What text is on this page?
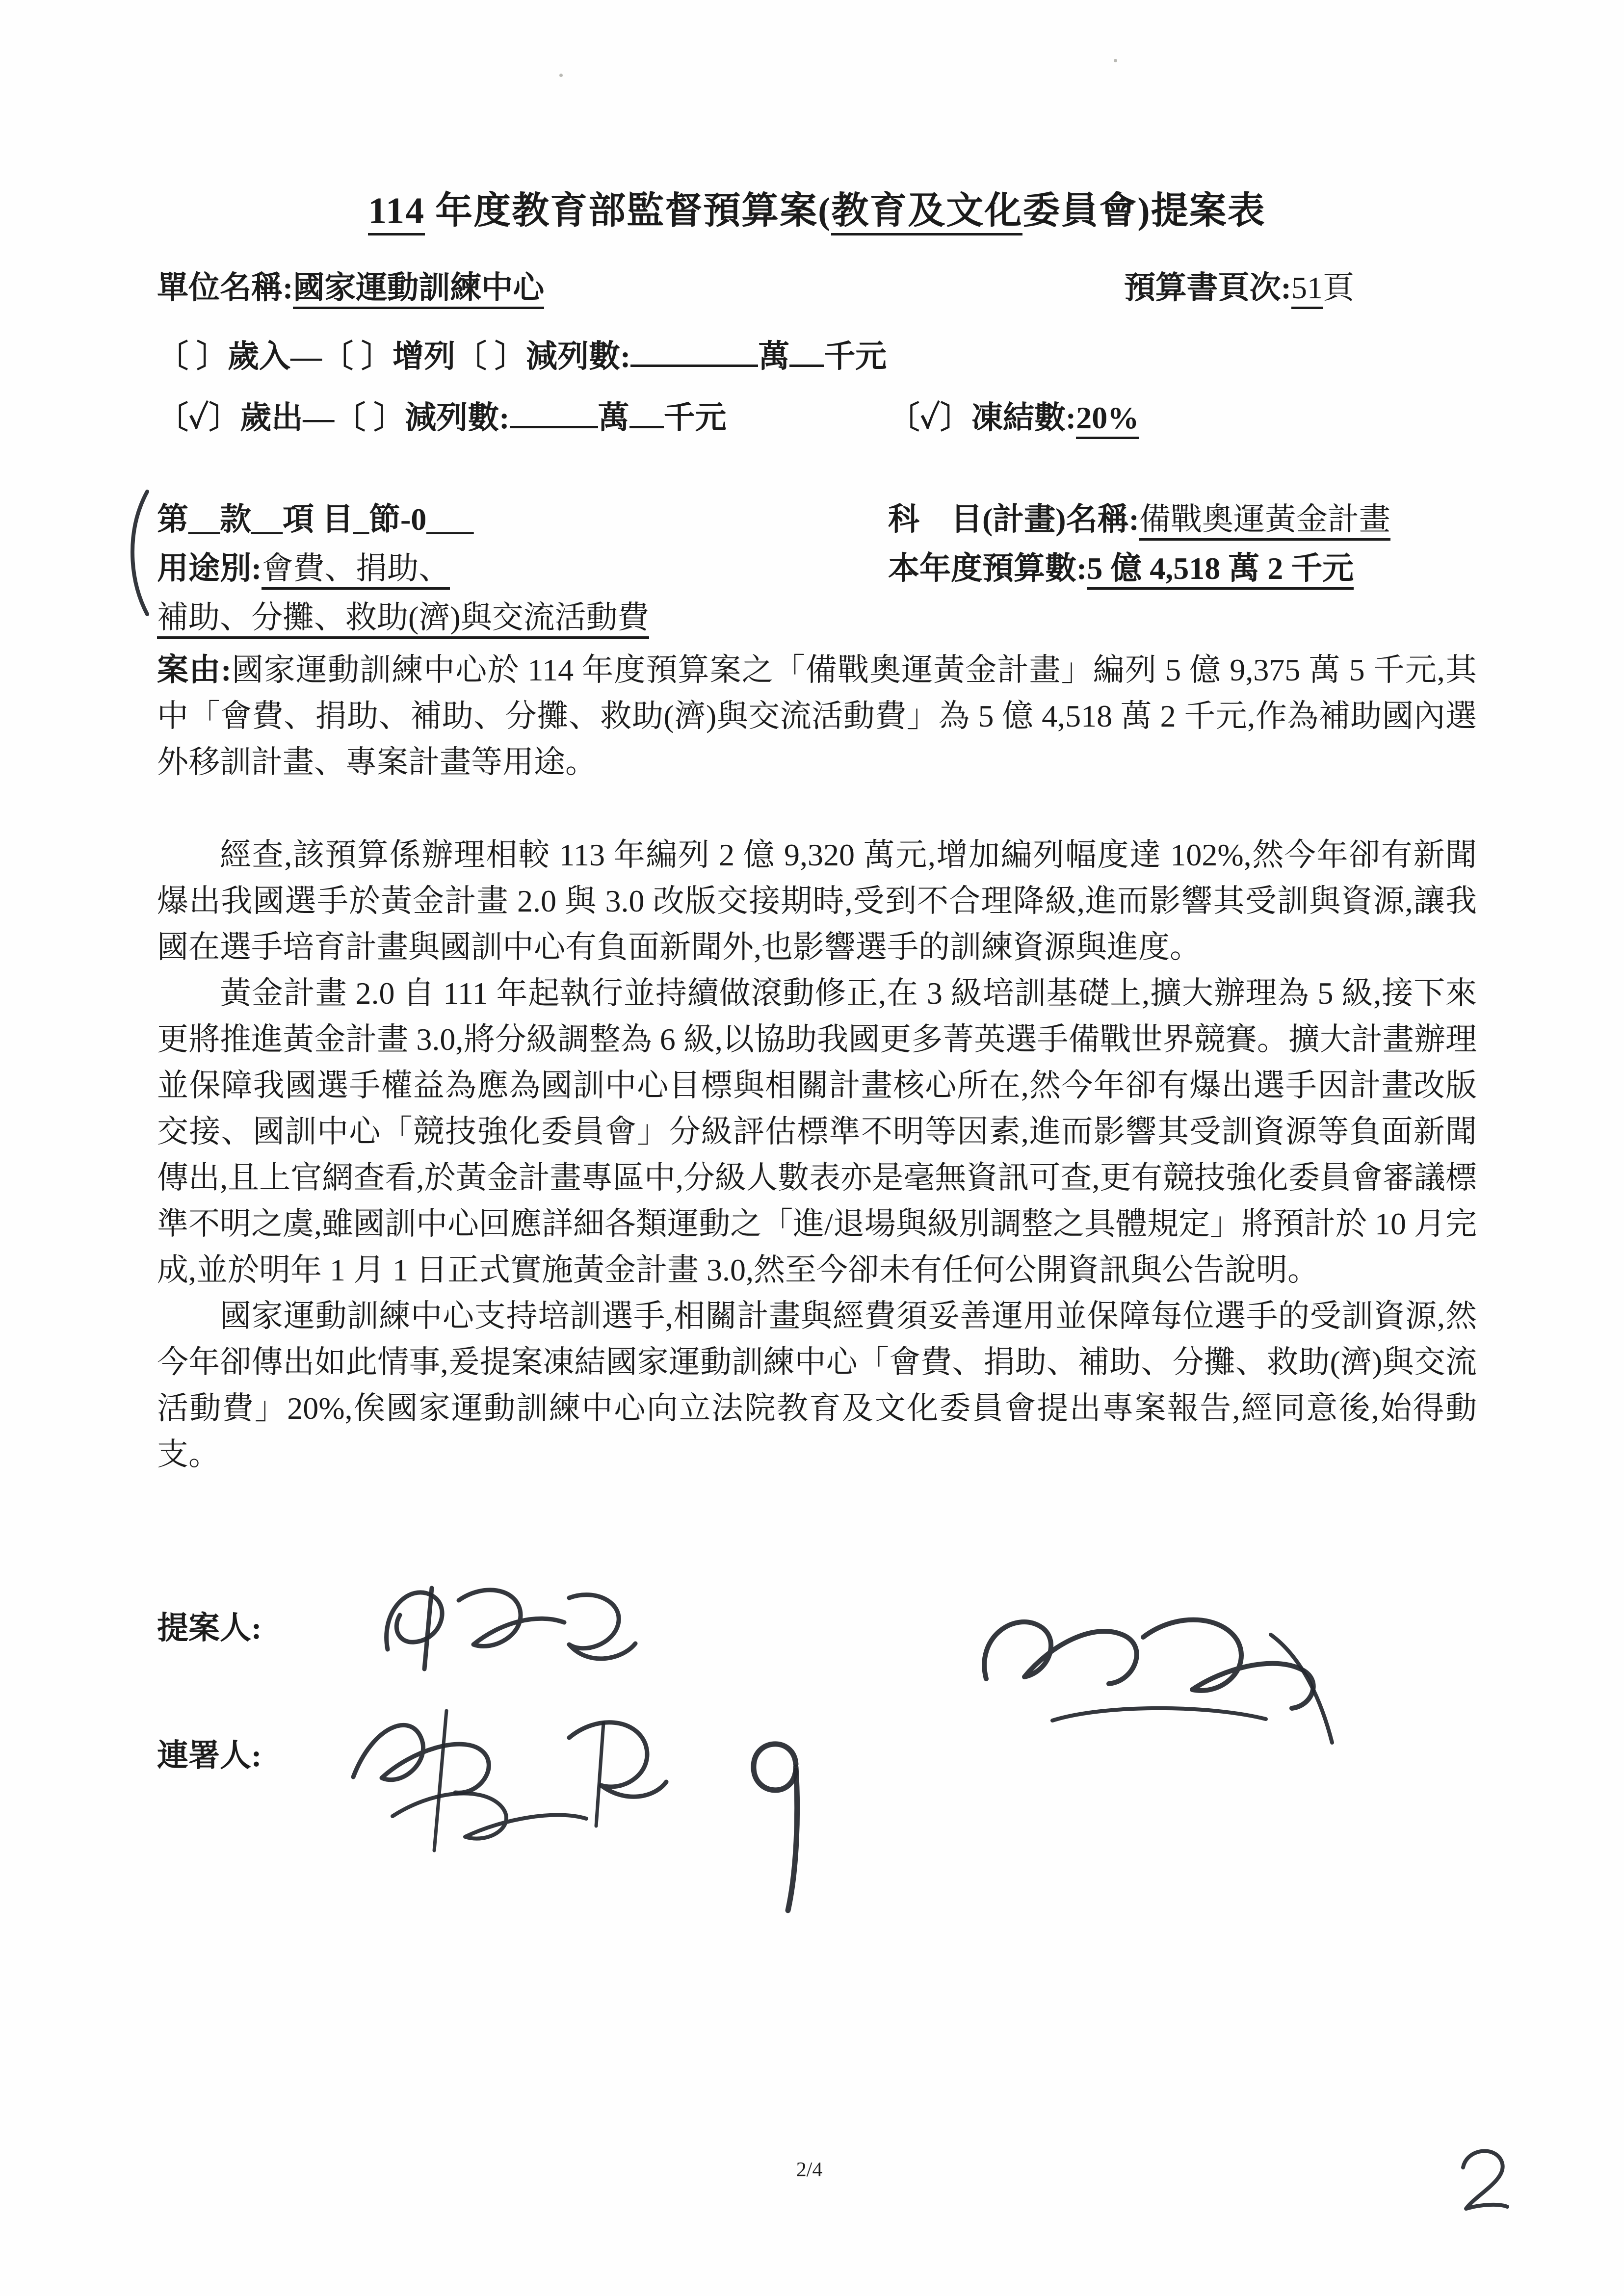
114 年度教育部監督預算案(教育及文化委員會)提案表
單位名稱:國家運動訓練中心	預算書頁次:51頁
〔 〕歲入—〔 〕增列〔 〕減列數:	萬 千元
〔✓〕歲出—〔 〕減列數:	萬 千元	〔✓〕凍結數:20%
第__款__項 目_節-0___	科　目(計畫)名稱:備戰奧運黃金計畫
用途別:會費、捐助、	本年度預算數:5 億 4,518 萬 2 千元
補助、分攤、救助(濟)與交流活動費

案由:國家運動訓練中心於 114 年度預算案之「備戰奧運黃金計畫」編列 5 億 9,375 萬 5 千元,其中「會費、捐助、補助、分攤、救助(濟)與交流活動費」為 5 億 4,518 萬 2 千元,作為補助國內選外移訓計畫、專案計畫等用途。

經查,該預算係辦理相較 113 年編列 2 億 9,320 萬元,增加編列幅度達 102%,然今年卻有新聞爆出我國選手於黃金計畫 2.0 與 3.0 改版交接期時,受到不合理降級,進而影響其受訓與資源,讓我國在選手培育計畫與國訓中心有負面新聞外,也影響選手的訓練資源與進度。

黃金計畫 2.0 自 111 年起執行並持續做滾動修正,在 3 級培訓基礎上,擴大辦理為 5 級,接下來更將推進黃金計畫 3.0,將分級調整為 6 級,以協助我國更多菁英選手備戰世界競賽。擴大計畫辦理並保障我國選手權益為應為國訓中心目標與相關計畫核心所在,然今年卻有爆出選手因計畫改版交接、國訓中心「競技強化委員會」分級評估標準不明等因素,進而影響其受訓資源等負面新聞傳出,且上官網查看,於黃金計畫專區中,分級人數表亦是毫無資訊可查,更有競技強化委員會審議標準不明之虞,雖國訓中心回應詳細各類運動之「進/退場與級別調整之具體規定」將預計於 10 月完成,並於明年 1 月 1 日正式實施黃金計畫 3.0,然至今卻未有任何公開資訊與公告說明。

國家運動訓練中心支持培訓選手,相關計畫與經費須妥善運用並保障每位選手的受訓資源,然今年卻傳出如此情事,爰提案凍結國家運動訓練中心「會費、捐助、補助、分攤、救助(濟)與交流活動費」20%,俟國家運動訓練中心向立法院教育及文化委員會提出專案報告,經同意後,始得動支。

提案人:
連署人:
2/4
